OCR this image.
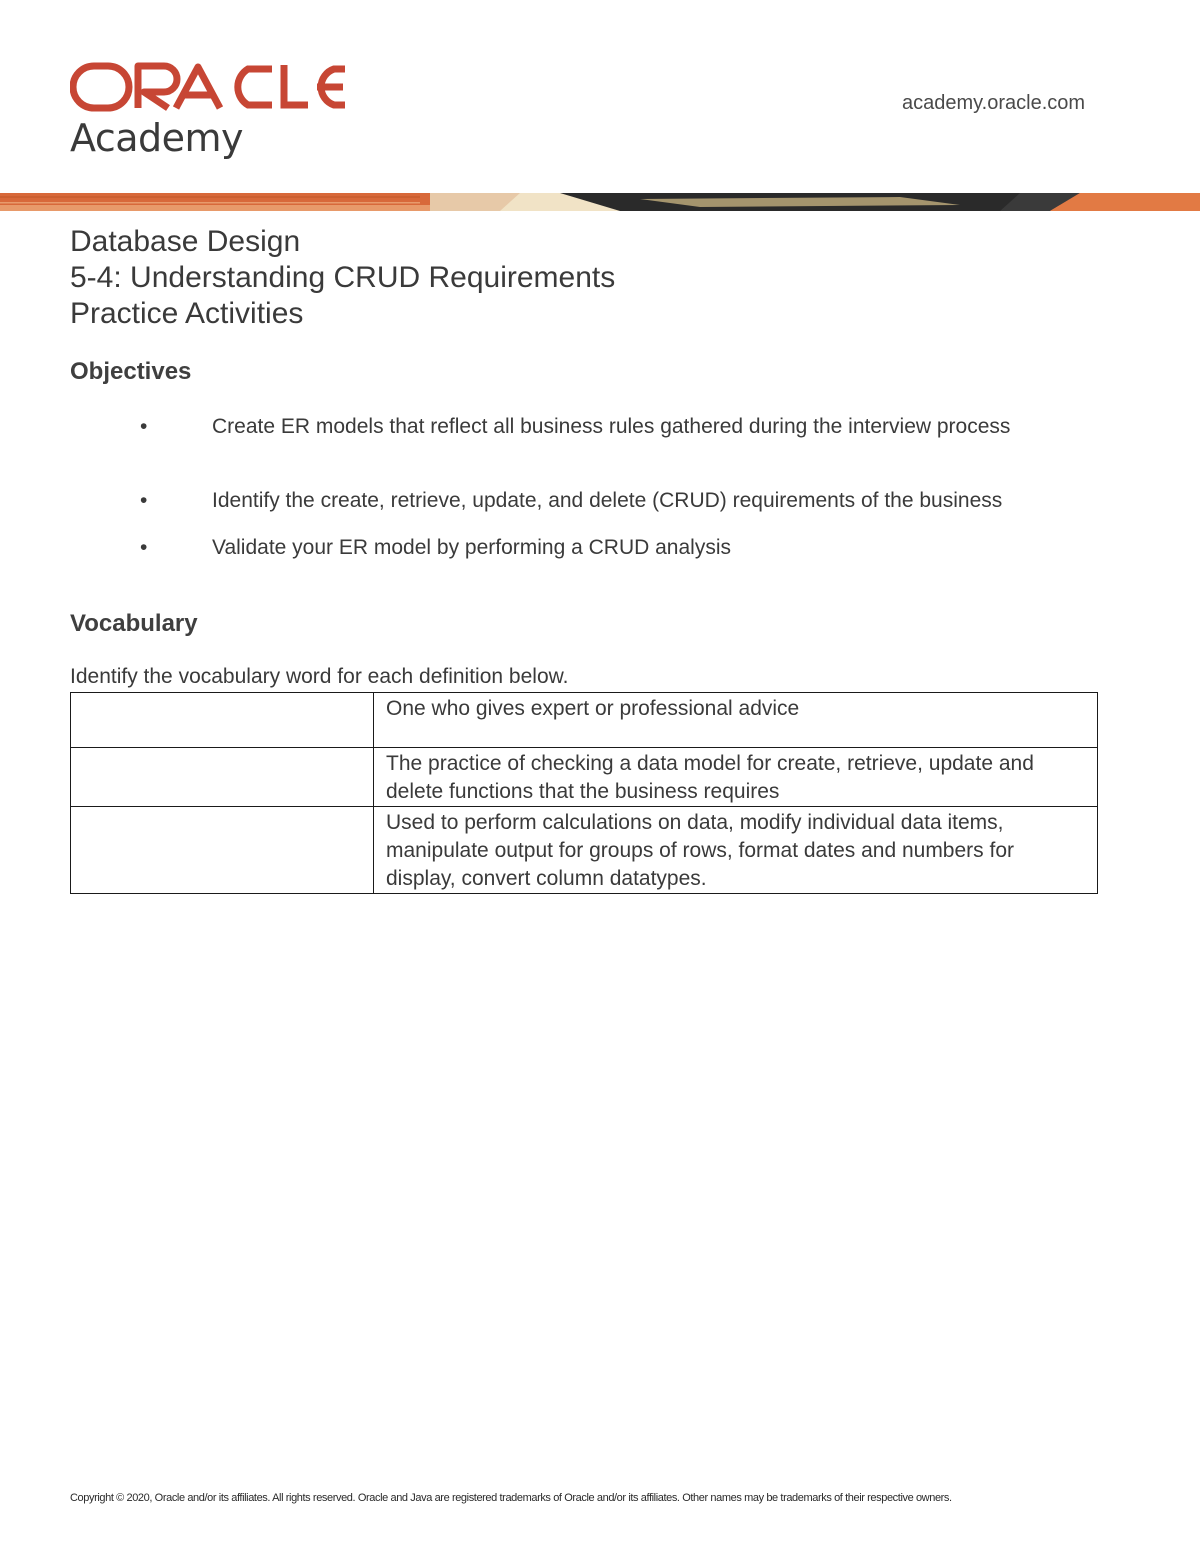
Academy
academy.oracle.com
Database Design
5-4: Understanding CRUD Requirements
Practice Activities
Objectives
•	Create ER models that reflect all business rules gathered during the interview process
•	Identify the create, retrieve, update, and delete (CRUD) requirements of the business
•	Validate your ER model by performing a CRUD analysis
Vocabulary
Identify the vocabulary word for each definition below.
	One who gives expert or professional advice
	The practice of checking a data model for create, retrieve, update and delete functions that the business requires
	Used to perform calculations on data, modify individual data items, manipulate output for groups of rows, format dates and numbers for display, convert column datatypes.
Copyright © 2020, Oracle and/or its affiliates. All rights reserved. Oracle and Java are registered trademarks of Oracle and/or its affiliates. Other names may be trademarks of their respective owners.
